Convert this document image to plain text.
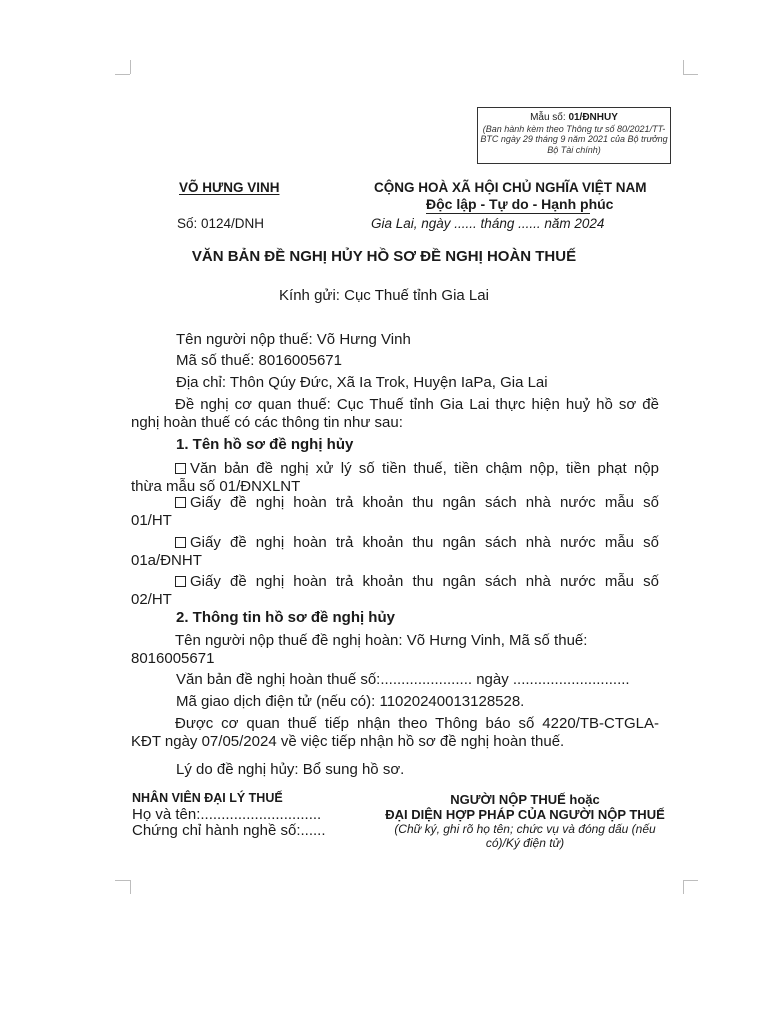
Mẫu số: 01/ĐNHUY
(Ban hành kèm theo Thông tư số 80/2021/TT-BTC ngày 29 tháng 9 năm 2021 của Bộ trưởng Bộ Tài chính)
VÕ HƯNG VINH
Số: 0124/DNH
CỘNG HOÀ XÃ HỘI CHỦ NGHĨA VIỆT NAM
Độc lập - Tự do - Hạnh phúc
Gia Lai, ngày ...... tháng ...... năm 2024
VĂN BẢN ĐỀ NGHỊ HỦY HỒ SƠ ĐỀ NGHỊ HOÀN THUẾ
Kính gửi: Cục Thuế tỉnh Gia Lai
Tên người nộp thuế: Võ Hưng Vinh
Mã số thuế: 8016005671
Địa chỉ: Thôn Qúy Đức, Xã Ia Trok, Huyện IaPa, Gia Lai
Đề nghị cơ quan thuế: Cục Thuế tỉnh Gia Lai thực hiện huỷ hồ sơ đề
nghị hoàn thuế có các thông tin như sau:
1. Tên hồ sơ đề nghị hủy
Văn bản đề nghị xử lý số tiền thuế, tiền chậm nộp, tiền phạt nộp
thừa mẫu số 01/ĐNXLNT
Giấy đề nghị hoàn trả khoản thu ngân sách nhà nước mẫu số
01/HT
Giấy đề nghị hoàn trả khoản thu ngân sách nhà nước mẫu số
01a/ĐNHT
Giấy đề nghị hoàn trả khoản thu ngân sách nhà nước mẫu số
02/HT
2. Thông tin hồ sơ đề nghị hủy
Tên người nộp thuế đề nghị hoàn: Võ Hưng Vinh, Mã số thuế:
8016005671
Văn bản đề nghị hoàn thuế số:...................... ngày ............................
Mã giao dịch điện tử (nếu có): 11020240013128528.
Được cơ quan thuế tiếp nhận theo Thông báo số 4220/TB-CTGLA-
KĐT ngày 07/05/2024 về việc tiếp nhận hồ sơ đề nghị hoàn thuế.
Lý do đề nghị hủy: Bổ sung hồ sơ.
NHÂN VIÊN ĐẠI LÝ THUẾ
Họ và tên:.............................
Chứng chỉ hành nghề số:......
NGƯỜI NỘP THUẾ hoặc
ĐẠI DIỆN HỢP PHÁP CỦA NGƯỜI NỘP THUẾ
(Chữ ký, ghi rõ họ tên; chức vụ và đóng dấu (nếu
có)/Ký điện tử)
